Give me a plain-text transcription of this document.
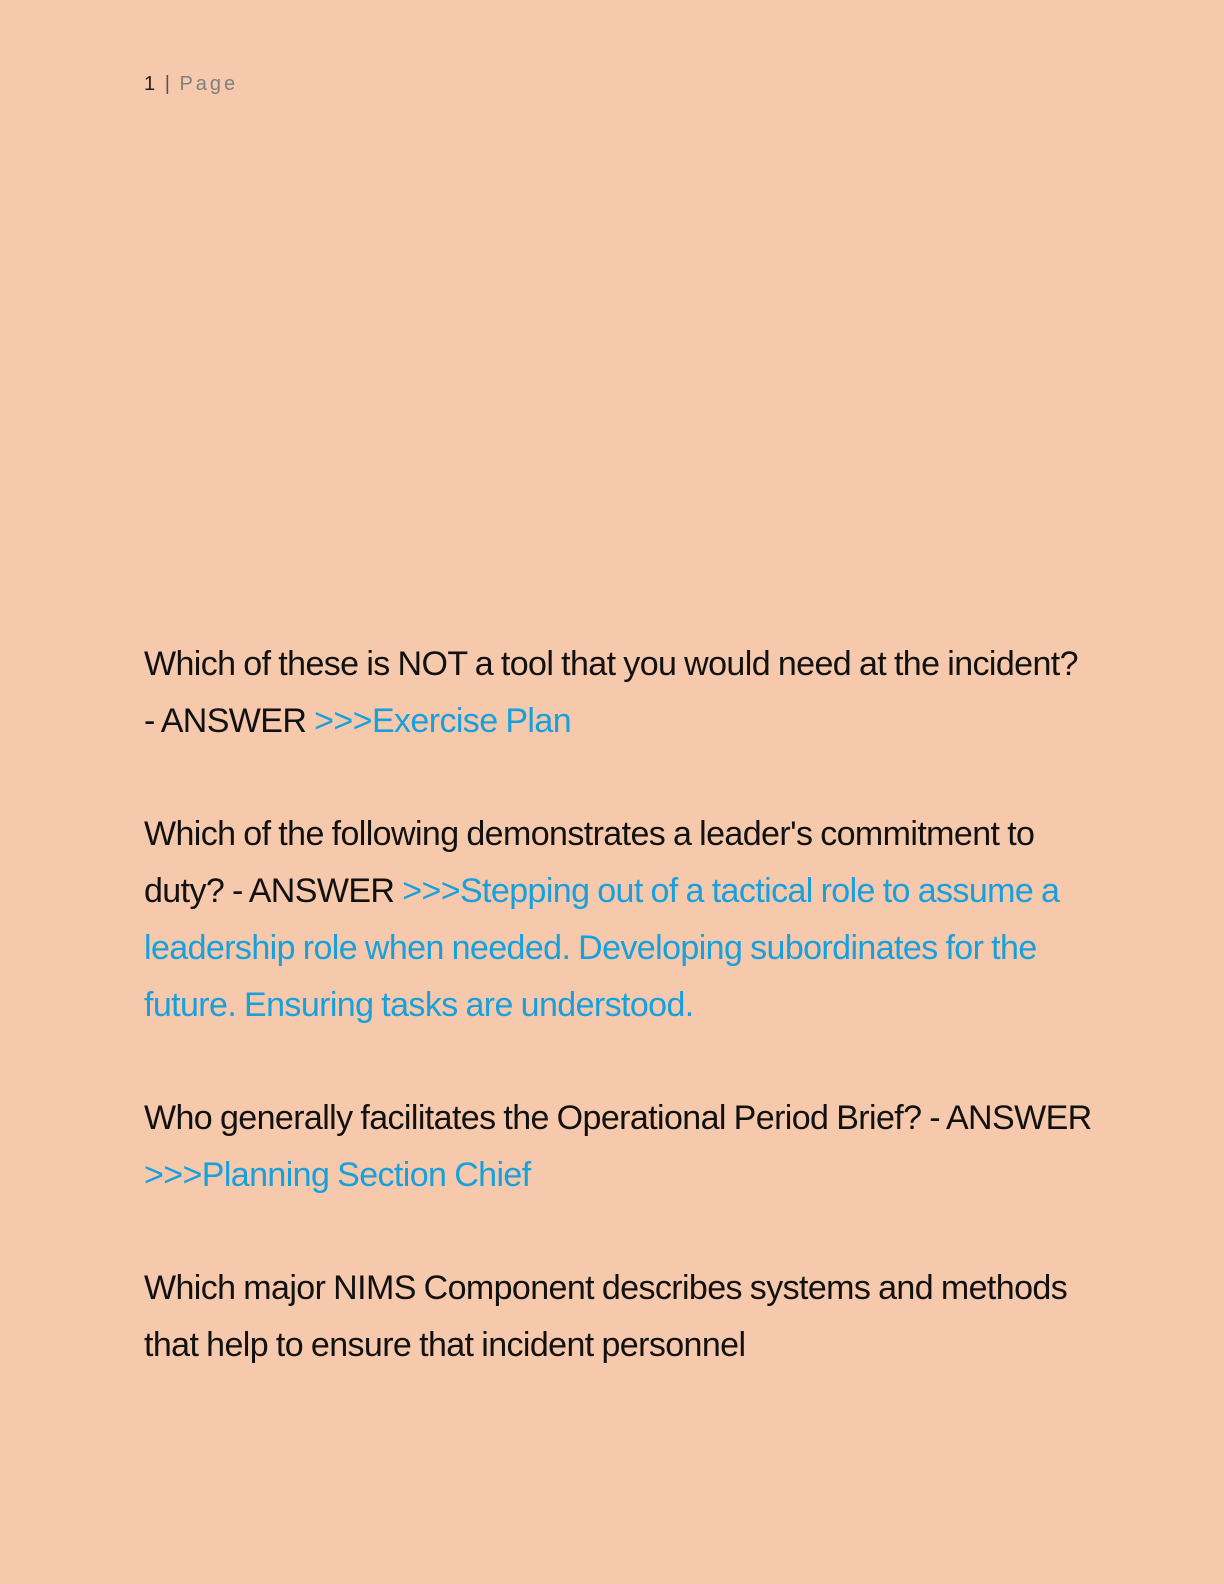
1 | Page

Which of these is NOT a tool that you would need at the incident? - ANSWER >>>Exercise Plan

Which of the following demonstrates a leader's commitment to duty? - ANSWER >>>Stepping out of a tactical role to assume a leadership role when needed. Developing subordinates for the future. Ensuring tasks are understood.

Who generally facilitates the Operational Period Brief? - ANSWER >>>Planning Section Chief

Which major NIMS Component describes systems and methods that help to ensure that incident personnel
